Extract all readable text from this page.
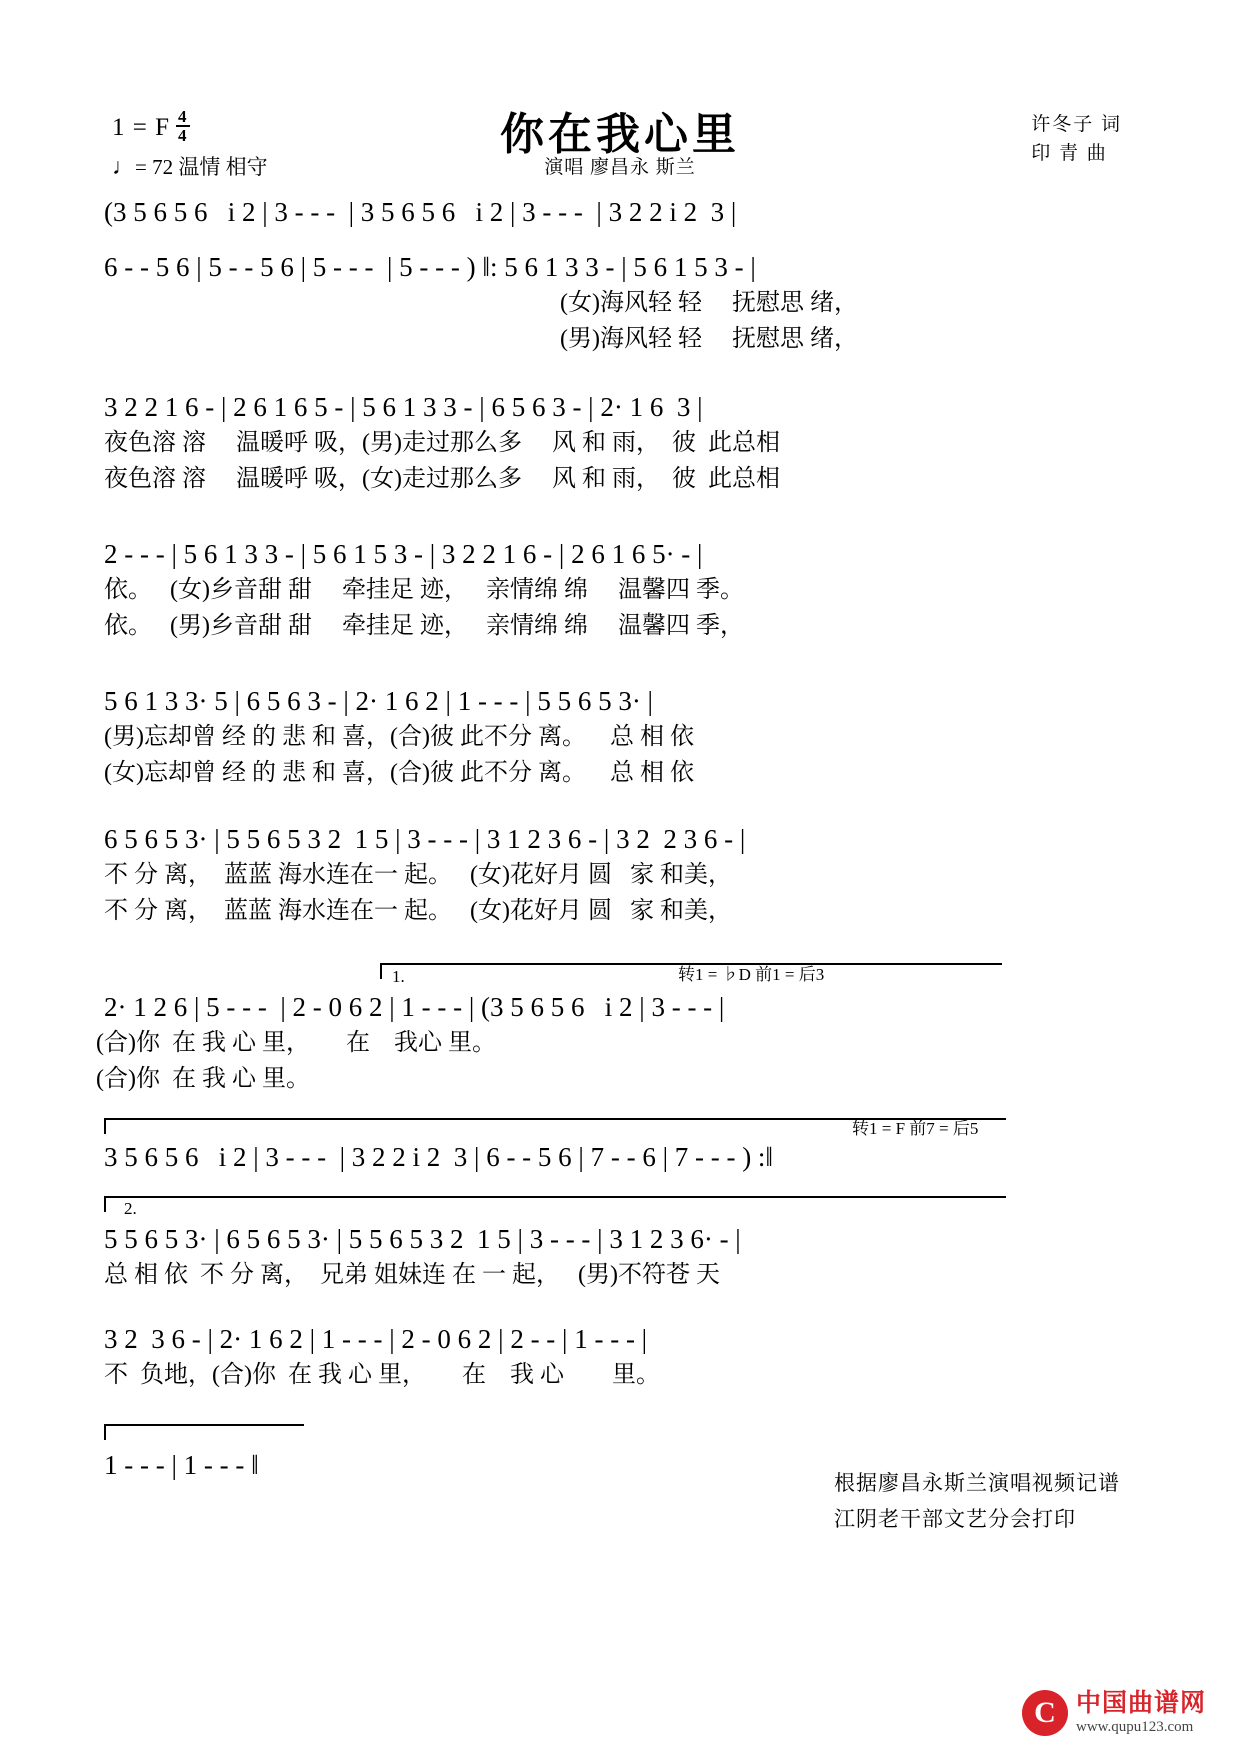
1 = F $\frac{4}{4}$
♩= 72 温情 相守
你在我心里
演唱 廖昌永 斯兰
许冬子 词
印 青 曲
(3 5 6 5 6   i 2 | 3 - - -  | 3 5 6 5 6   i 2 | 3 - - -  | 3 2 2 i 2  3 |
6 - - 5 6 | 5 - - 5 6 | 5 - - -  | 5 - - - ) ‖: 5 6 1 3 3 - | 5 6 1 5 3 - |
(女)海风轻 轻     抚慰思 绪，
(男)海风轻 轻     抚慰思 绪，
3 2 2 1 6 - | 2 6 1 6 5 - | 5 6 1 3 3 - | 6 5 6 3 - | 2· 1 6  3 |
夜色溶 溶     温暖呼 吸，(男)走过那么多     风 和 雨，  彼  此总相
夜色溶 溶     温暖呼 吸，(女)走过那么多     风 和 雨，  彼  此总相
2 - - - | 5 6 1 3 3 - | 5 6 1 5 3 - | 3 2 2 1 6 - | 2 6 1 6 5· - |
依。   (女)乡音甜 甜     牵挂足 迹，   亲情绵 绵     温馨四 季。
依。   (男)乡音甜 甜     牵挂足 迹，   亲情绵 绵     温馨四 季，
5 6 1 3 3· 5 | 6 5 6 3 - | 2· 1 6 2 | 1 - - - | 5 5 6 5 3· |
(男)忘却曾 经 的 悲 和 喜，(合)彼 此不分 离。    总 相 依
(女)忘却曾 经 的 悲 和 喜，(合)彼 此不分 离。    总 相 依
6 5 6 5 3· | 5 5 6 5 3 2  1 5 | 3 - - - | 3 1 2 3 6 - | 3 2  2 3 6 - |
不 分 离，  蓝蓝 海水连在一 起。   (女)花好月 圆   家 和美，
不 分 离，  蓝蓝 海水连在一 起。   (女)花好月 圆   家 和美，
1.	转1 = ♭D 前1 = 后3
2· 1 2 6 | 5 - - -  | 2 - 0 6 2 | 1 - - - | (3 5 6 5 6   i 2 | 3 - - - |
(合)你  在 我 心 里，      在    我心 里。
(合)你  在 我 心 里。
转1 = F 前7 = 后5
3 5 6 5 6   i 2 | 3 - - -  | 3 2 2 i 2  3 | 6 - - 5 6 | 7 - - 6 | 7 - - - ) :‖
2.
5 5 6 5 3· | 6 5 6 5 3· | 5 5 6 5 3 2  1 5 | 3 - - - | 3 1 2 3 6· - |
总 相 依  不 分 离，  兄弟 姐妹连 在 一 起，   (男)不符苍 天
3 2  3 6 - | 2· 1 6 2 | 1 - - - | 2 - 0 6 2 | 2 - - | 1 - - - |
不  负地，(合)你  在 我 心 里，      在    我 心        里。
1 - - - | 1 - - - ‖
根据廖昌永斯兰演唱视频记谱
江阴老干部文艺分会打印
C 中国曲谱网
www.qupu123.com
